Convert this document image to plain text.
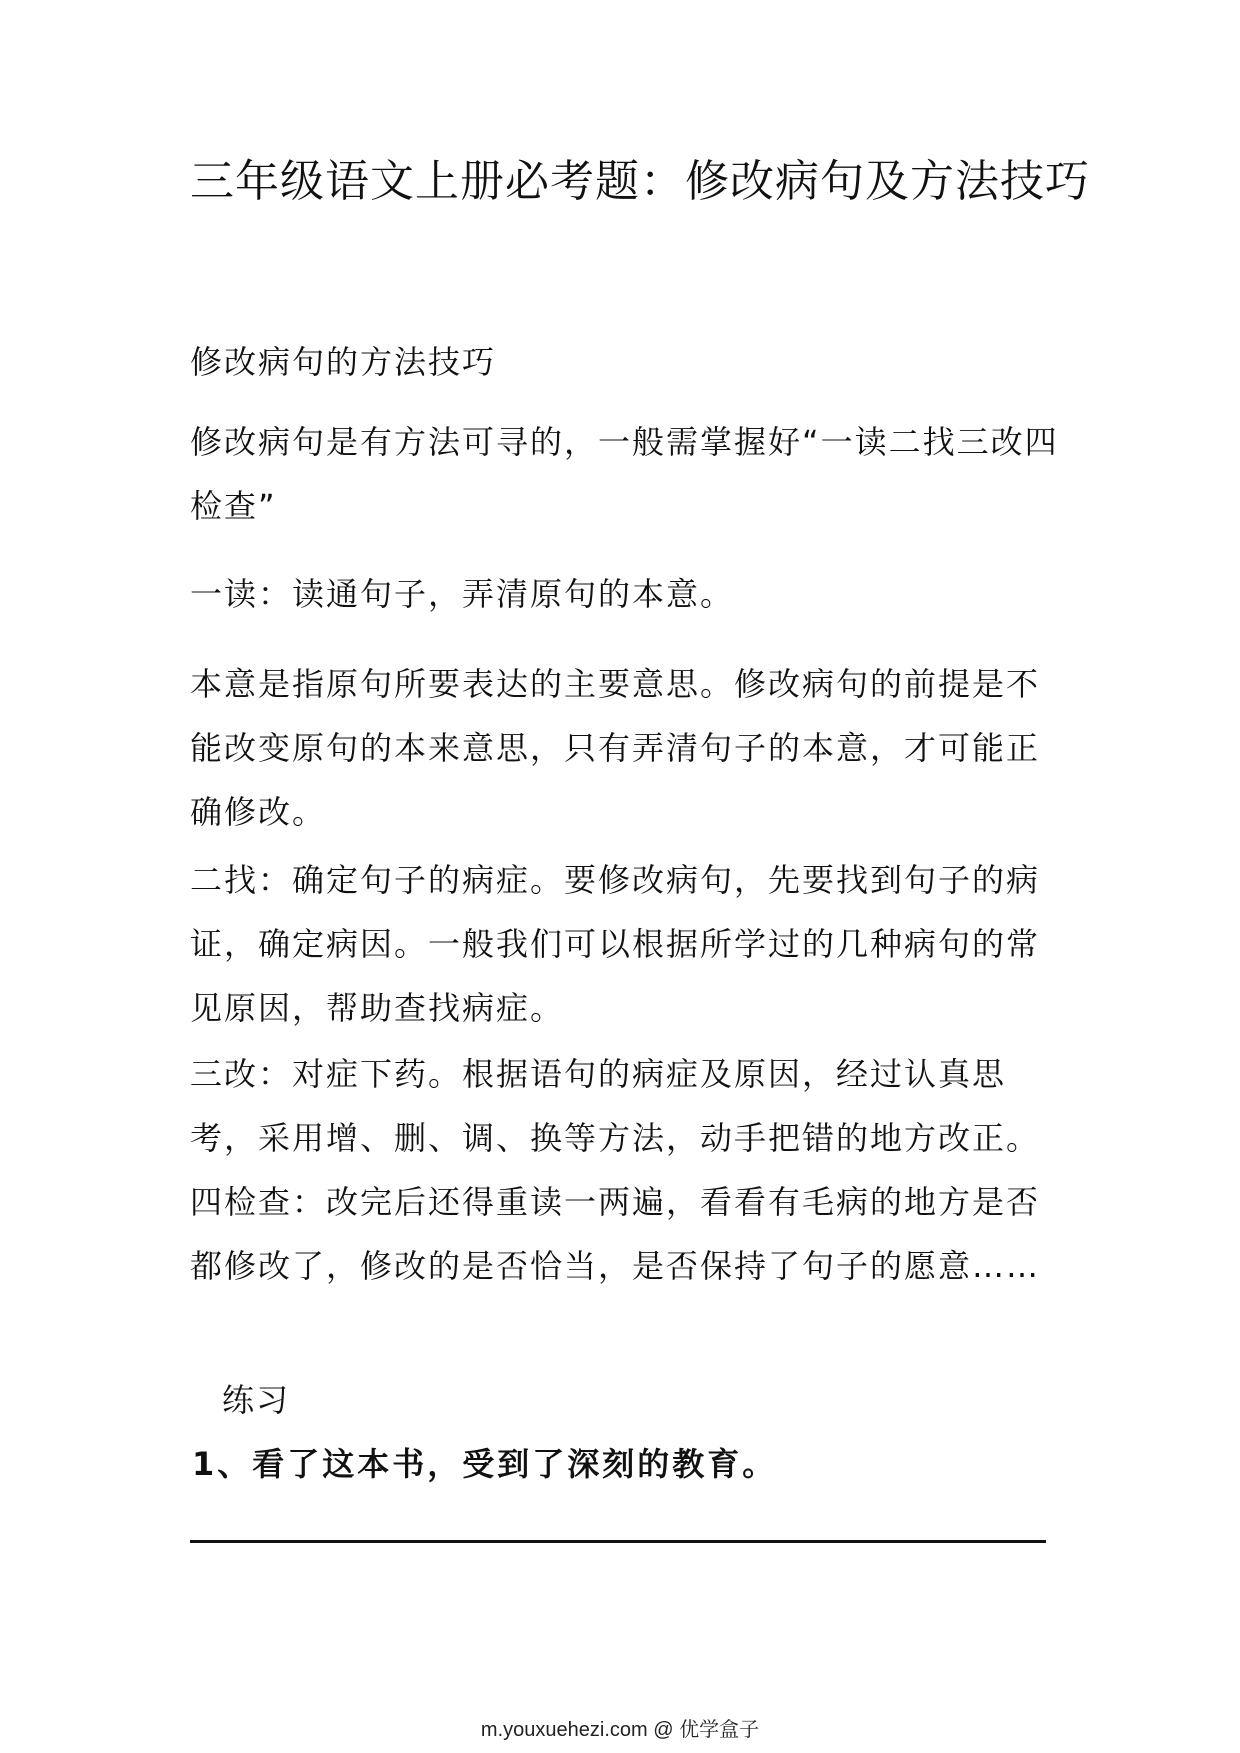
三年级语文上册必考题：修改病句及方法技巧
修改病句的方法技巧
修改病句是有方法可寻的，一般需掌握好“一读二找三改四检查”
一读：读通句子，弄清原句的本意。
本意是指原句所要表达的主要意思。修改病句的前提是不能改变原句的本来意思，只有弄清句子的本意，才可能正确修改。
二找：确定句子的病症。要修改病句，先要找到句子的病证，确定病因。一般我们可以根据所学过的几种病句的常见原因，帮助查找病症。
三改：对症下药。根据语句的病症及原因，经过认真思考，采用增、删、调、换等方法，动手把错的地方改正。
四检查：改完后还得重读一两遍，看看有毛病的地方是否都修改了，修改的是否恰当，是否保持了句子的愿意……
练习
1、看了这本书，受到了深刻的教育。
m.youxuehezi.com @ 优学盒子
